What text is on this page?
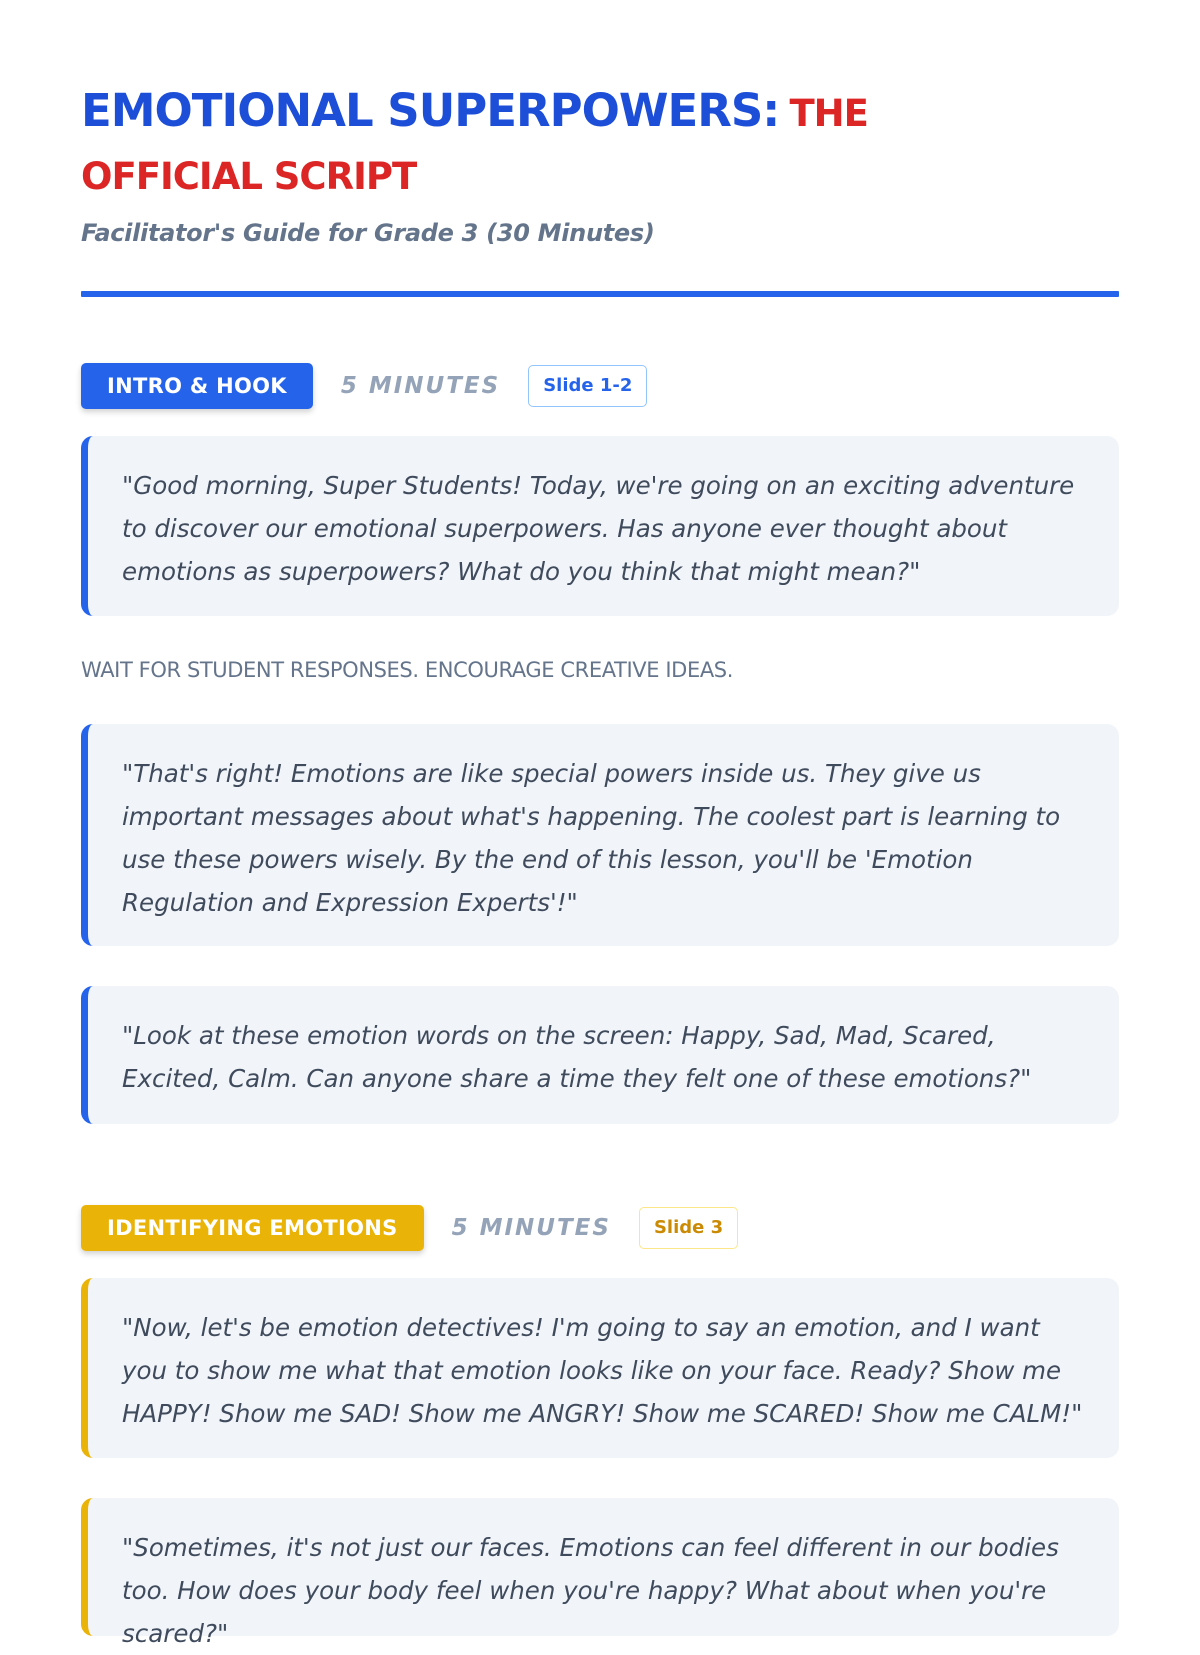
EMOTIONAL SUPERPOWERS: THE
OFFICIAL SCRIPT
Facilitator's Guide for Grade 3 (30 Minutes)
INTRO & HOOK	5 MINUTES	Slide 1-2
"Good morning, Super Students! Today, we're going on an exciting adventure to discover our emotional superpowers. Has anyone ever thought about emotions as superpowers? What do you think that might mean?"
WAIT FOR STUDENT RESPONSES. ENCOURAGE CREATIVE IDEAS.
"That's right! Emotions are like special powers inside us. They give us important messages about what's happening. The coolest part is learning to use these powers wisely. By the end of this lesson, you'll be 'Emotion Regulation and Expression Experts'!"
"Look at these emotion words on the screen: Happy, Sad, Mad, Scared, Excited, Calm. Can anyone share a time they felt one of these emotions?"
IDENTIFYING EMOTIONS	5 MINUTES	Slide 3
"Now, let's be emotion detectives! I'm going to say an emotion, and I want you to show me what that emotion looks like on your face. Ready? Show me HAPPY! Show me SAD! Show me ANGRY! Show me SCARED! Show me CALM!"
"Sometimes, it's not just our faces. Emotions can feel different in our bodies too. How does your body feel when you're happy? What about when you're scared?"
